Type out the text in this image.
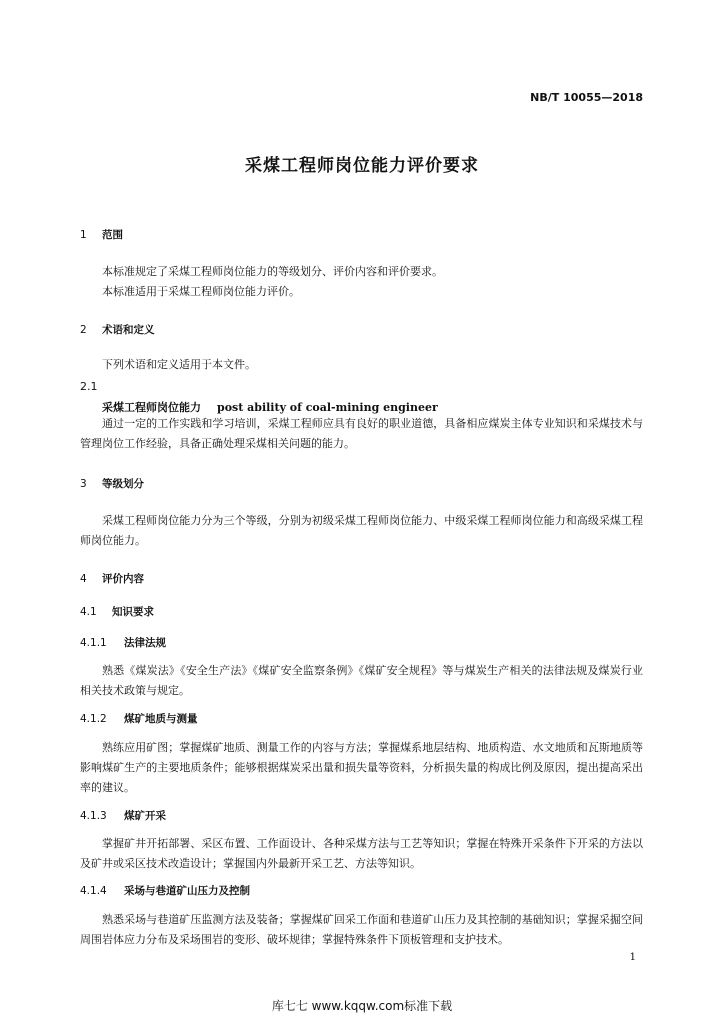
NB/T 10055—2018
采煤工程师岗位能力评价要求
1 范围

本标准规定了采煤工程师岗位能力的等级划分、评价内容和评价要求。

本标准适用于采煤工程师岗位能力评价。

2 术语和定义

下列术语和定义适用于本文件。

2.1
采煤工程师岗位能力 post ability of coal-mining engineer

通过一定的工作实践和学习培训，采煤工程师应具有良好的职业道德，具备相应煤炭主体专业知识和采煤技术与管理岗位工作经验，具备正确处理采煤相关问题的能力。

3 等级划分

采煤工程师岗位能力分为三个等级，分别为初级采煤工程师岗位能力、中级采煤工程师岗位能力和高级采煤工程师岗位能力。

4 评价内容
4.1 知识要求
4.1.1 法律法规

熟悉《煤炭法》《安全生产法》《煤矿安全监察条例》《煤矿安全规程》等与煤炭生产相关的法律法规及煤炭行业相关技术政策与规定。

4.1.2 煤矿地质与测量

熟练应用矿图；掌握煤矿地质、测量工作的内容与方法；掌握煤系地层结构、地质构造、水文地质和瓦斯地质等影响煤矿生产的主要地质条件；能够根据煤炭采出量和损失量等资料，分析损失量的构成比例及原因，提出提高采出率的建议。

4.1.3 煤矿开采

掌握矿井开拓部署、采区布置、工作面设计、各种采煤方法与工艺等知识；掌握在特殊开采条件下开采的方法以及矿井或采区技术改造设计；掌握国内外最新开采工艺、方法等知识。

4.1.4 采场与巷道矿山压力及控制

熟悉采场与巷道矿压监测方法及装备；掌握煤矿回采工作面和巷道矿山压力及其控制的基础知识；掌握采掘空间周围岩体应力分布及采场围岩的变形、破坏规律；掌握特殊条件下顶板管理和支护技术。

1
库七七 www.kqqw.com标准下载
